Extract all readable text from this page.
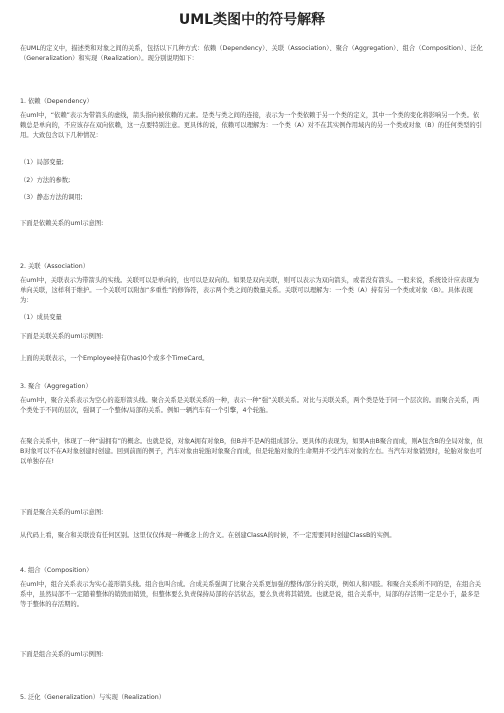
UML类图中的符号解释
在UML的定义中，描述类和对象之间的关系，包括以下几种方式：依赖（Dependency）、关联（Association）、聚合（Aggregation）、组合（Composition）、泛化（Generalization）和实现（Realization）。现分别说明如下：
1. 依赖（Dependency）
在uml中，“依赖”表示为带箭头的虚线，箭头指向被依赖的元素。是类与类之间的连接，表示为一个类依赖于另一个类的定义，其中一个类的变化将影响另一个类。依赖总是单向的，不应该存在双向依赖，这一点要特别注意。更具体的说，依赖可以理解为：一个类（A）对不在其实例作用域内的另一个类或对象（B）的任何类型的引用。大致包含以下几种情况：
（1）局部变量;
（2）方法的参数;
（3）静态方法的调用;
下面是依赖关系的uml示意图:
2. 关联（Association）
在uml中，关联表示为带箭头的实线。关联可以是单向的，也可以是双向的。如果是双向关联，则可以表示为双向箭头，或者没有箭头。一般来说，系统设计应表现为单向关联，这样利于维护。一个关联可以附加“多重性”的修饰符，表示两个类之间的数量关系。关联可以理解为：一个类（A）持有另一个类或对象（B）。具体表现为：
（1）成员变量
下面是关联关系的uml示例图:
上面的关联表示，一个Employee持有(has)0个或多个TimeCard。
3. 聚合（Aggregation）
在uml中，聚合关系表示为空心的菱形箭头线。聚合关系是关联关系的一种，表示一种“强”关联关系。对比与关联关系，两个类是处于同一个层次的。而聚合关系，两个类处于不同的层次，强调了一个整体/局部的关系。例如一辆汽车有一个引擎，4个轮胎。
在聚合关系中，体现了一种“弱拥有”的概念。也就是说，对象A拥有对象B，但B并不是A的组成部分。更具体的表现为，如果A由B聚合而成，则A包含B的全局对象，但B对象可以不在A对象创建时创建。回到前面的例子，汽车对象由轮胎对象聚合而成，但是轮胎对象的生命期并不受汽车对象的左右。当汽车对象销毁时，轮胎对象也可以单独存在!
下面是聚合关系的uml示意图:
从代码上看，聚合和关联没有任何区别。这里仅仅体现一种概念上的含义。在创建ClassA的时候，不一定需要同时创建ClassB的实例。
4. 组合（Composition）
在uml中，组合关系表示为实心菱形箭头线。组合也叫合成。合成关系强调了比聚合关系更加强的整体/部分的关联，例如人和四肢。和聚合关系所不同的是，在组合关系中，虽然局部不一定随着整体的销毁而销毁，但整体要么负责保持局部的存活状态，要么负责将其销毁。也就是说，组合关系中，局部的存活期一定是小于，最多是等于整体的存活期的。
下面是组合关系的uml示例图:
5. 泛化（Generalization）与实现（Realization）
